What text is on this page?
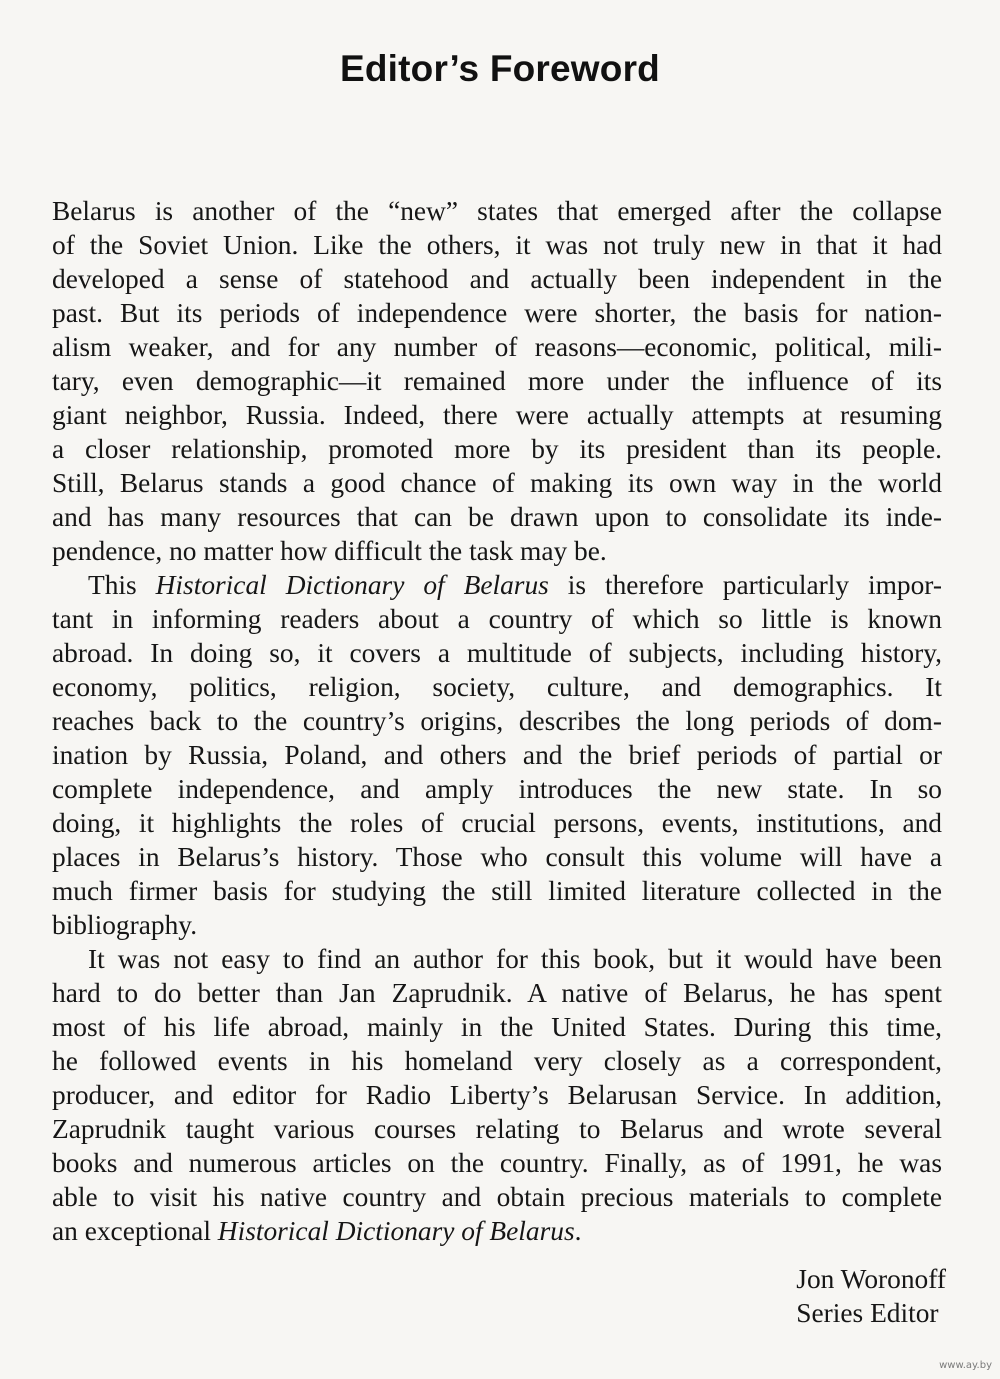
Editor’s Foreword
Belarus is another of the “new” states that emerged after the collapse
of the Soviet Union. Like the others, it was not truly new in that it had
developed a sense of statehood and actually been independent in the
past. But its periods of independence were shorter, the basis for nation-
alism weaker, and for any number of reasons—economic, political, mili-
tary, even demographic—it remained more under the influence of its
giant neighbor, Russia. Indeed, there were actually attempts at resuming
a closer relationship, promoted more by its president than its people.
Still, Belarus stands a good chance of making its own way in the world
and has many resources that can be drawn upon to consolidate its inde-
pendence, no matter how difficult the task may be.
This Historical Dictionary of Belarus is therefore particularly impor-
tant in informing readers about a country of which so little is known
abroad. In doing so, it covers a multitude of subjects, including history,
economy, politics, religion, society, culture, and demographics. It
reaches back to the country’s origins, describes the long periods of dom-
ination by Russia, Poland, and others and the brief periods of partial or
complete independence, and amply introduces the new state. In so
doing, it highlights the roles of crucial persons, events, institutions, and
places in Belarus’s history. Those who consult this volume will have a
much firmer basis for studying the still limited literature collected in the
bibliography.
It was not easy to find an author for this book, but it would have been
hard to do better than Jan Zaprudnik. A native of Belarus, he has spent
most of his life abroad, mainly in the United States. During this time,
he followed events in his homeland very closely as a correspondent,
producer, and editor for Radio Liberty’s Belarusan Service. In addition,
Zaprudnik taught various courses relating to Belarus and wrote several
books and numerous articles on the country. Finally, as of 1991, he was
able to visit his native country and obtain precious materials to complete
an exceptional Historical Dictionary of Belarus.
Jon Woronoff
Series Editor
www.ay.by
